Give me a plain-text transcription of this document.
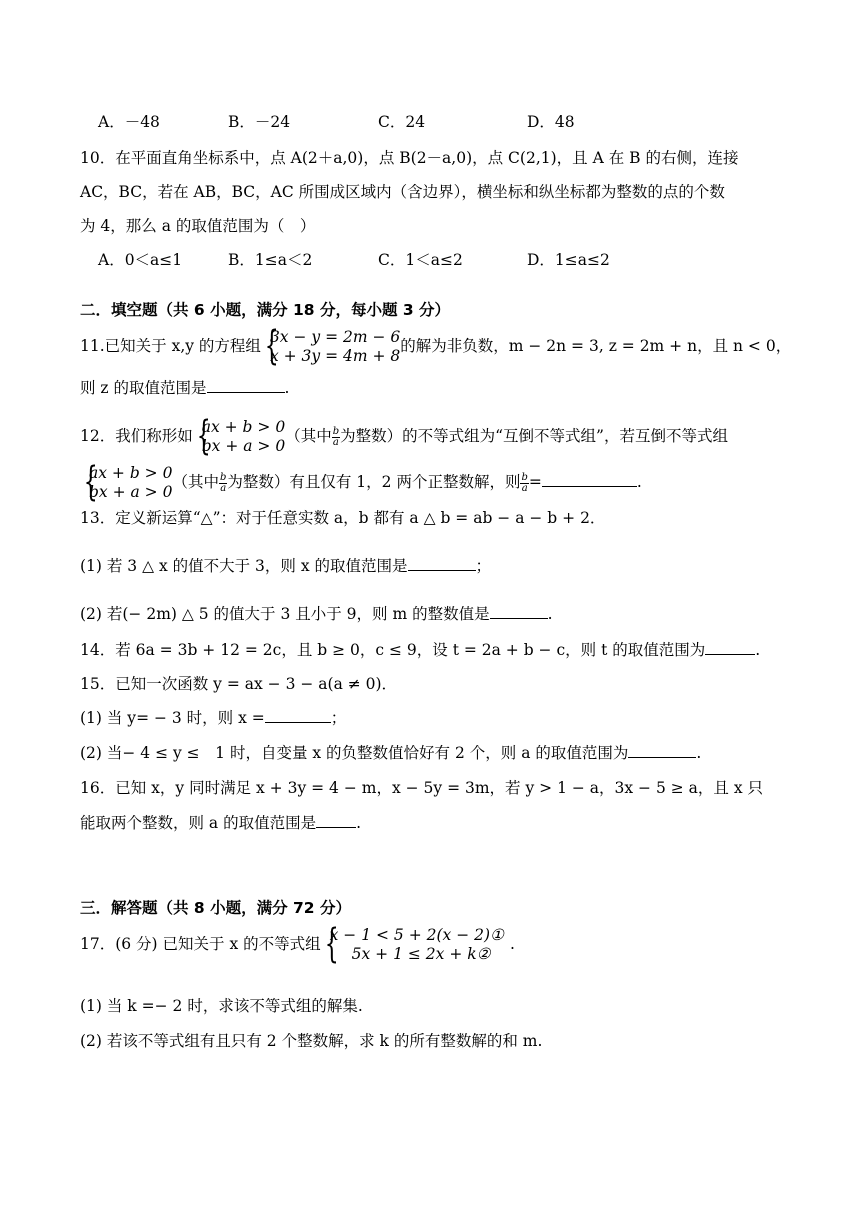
A．－48	B．－24	C．24	D．48
10．在平面直角坐标系中，点 A(2＋a,0)，点 B(2－a,0)，点 C(2,1)，且 A 在 B 的右侧，连接
AC，BC，若在 AB，BC，AC 所围成区域内（含边界），横坐标和纵坐标都为整数的点的个数
为 4，那么 a 的取值范围为（　）
A．0＜a≤1	B．1≤a＜2	C．1＜a≤2	D．1≤a≤2
二．填空题（共 6 小题，满分 18 分，每小题 3 分）
11.已知关于 x,y 的方程组 { 3x − y = 2m − 6
x + 3y = 4m + 8
的解为非负数，m − 2n = 3, z = 2m + n，且 n < 0，
则 z 的取值范围是	.
12．我们称形如 { ax + b > 0
bx + a > 0
（其中 $\frac{b}{a}$ 为整数）的不等式组为“互倒不等式组”，若互倒不等式组
{ ax + b > 0
bx + a > 0
（其中 $\frac{b}{a}$ 为整数）有且仅有 1，2 两个正整数解，则 $\frac{b}{a}$ =	.
13．定义新运算“△”：对于任意实数 a，b 都有 a △ b = ab − a − b + 2．
(1) 若 3 △ x 的值不大于 3，则 x 的取值范围是	；
(2) 若(− 2m) △ 5 的值大于 3 且小于 9，则 m 的整数值是	.
14．若 6a = 3b + 12 = 2c，且 b ≥ 0，c ≤ 9，设 t = 2a + b − c，则 t 的取值范围为	.
15．已知一次函数 y = ax − 3 − a(a ≠ 0)．
(1) 当 y= − 3 时，则 x =	；
(2) 当− 4 ≤ y ≤　1 时，自变量 x 的负整数值恰好有 2 个，则 a 的取值范围为	.
16．已知 x，y 同时满足 x + 3y = 4 − m，x − 5y = 3m，若 y > 1 − a，3x − 5 ≥ a，且 x 只
能取两个整数，则 a 的取值范围是	.
三．解答题（共 8 小题，满分 72 分）
17．(6 分) 已知关于 x 的不等式组 { x − 1 < 5 + 2(x − 2)①
5x + 1 ≤ 2x + k②
.
(1) 当 k =− 2 时，求该不等式组的解集.
(2) 若该不等式组有且只有 2 个整数解，求 k 的所有整数解的和 m.
